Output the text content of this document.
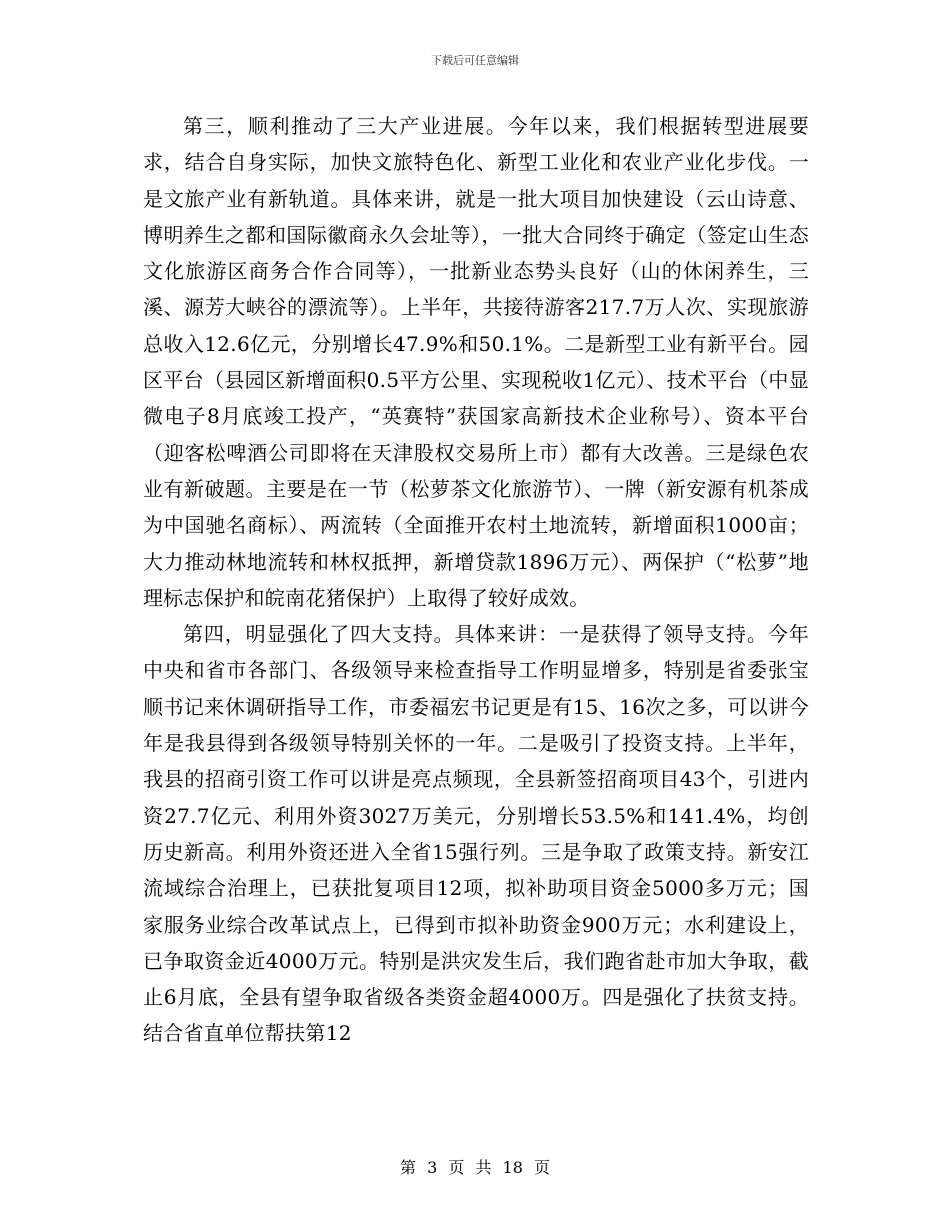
下载后可任意编辑

第三，顺利推动了三大产业进展。今年以来，我们根据转型进展要求，结合自身实际，加快文旅特色化、新型工业化和农业产业化步伐。一是文旅产业有新轨道。具体来讲，就是一批大项目加快建设（云山诗意、博明养生之都和国际徽商永久会址等），一批大合同终于确定（签定山生态文化旅游区商务合作合同等），一批新业态势头良好（山的休闲养生，三溪、源芳大峡谷的漂流等）。上半年，共接待游客217.7万人次、实现旅游总收入12.6亿元，分别增长47.9%和50.1%。二是新型工业有新平台。园区平台（县园区新增面积0.5平方公里、实现税收1亿元）、技术平台（中显微电子8月底竣工投产，“英赛特”获国家高新技术企业称号）、资本平台（迎客松啤酒公司即将在天津股权交易所上市）都有大改善。三是绿色农业有新破题。主要是在一节（松萝茶文化旅游节）、一牌（新安源有机茶成为中国驰名商标）、两流转（全面推开农村土地流转，新增面积1000亩；大力推动林地流转和林权抵押，新增贷款1896万元）、两保护（“松萝”地理标志保护和皖南花猪保护）上取得了较好成效。

第四，明显强化了四大支持。具体来讲：一是获得了领导支持。今年中央和省市各部门、各级领导来检查指导工作明显增多，特别是省委张宝顺书记来休调研指导工作，市委福宏书记更是有15、16次之多，可以讲今年是我县得到各级领导特别关怀的一年。二是吸引了投资支持。上半年，我县的招商引资工作可以讲是亮点频现，全县新签招商项目43个，引进内资27.7亿元、利用外资3027万美元，分别增长53.5%和141.4%，均创历史新高。利用外资还进入全省15强行列。三是争取了政策支持。新安江流域综合治理上，已获批复项目12项，拟补助项目资金5000多万元；国家服务业综合改革试点上，已得到市拟补助资金900万元；水利建设上，已争取资金近4000万元。特别是洪灾发生后，我们跑省赴市加大争取，截止6月底，全县有望争取省级各类资金超4000万。四是强化了扶贫支持。结合省直单位帮扶第12

第 3 页 共 18 页
